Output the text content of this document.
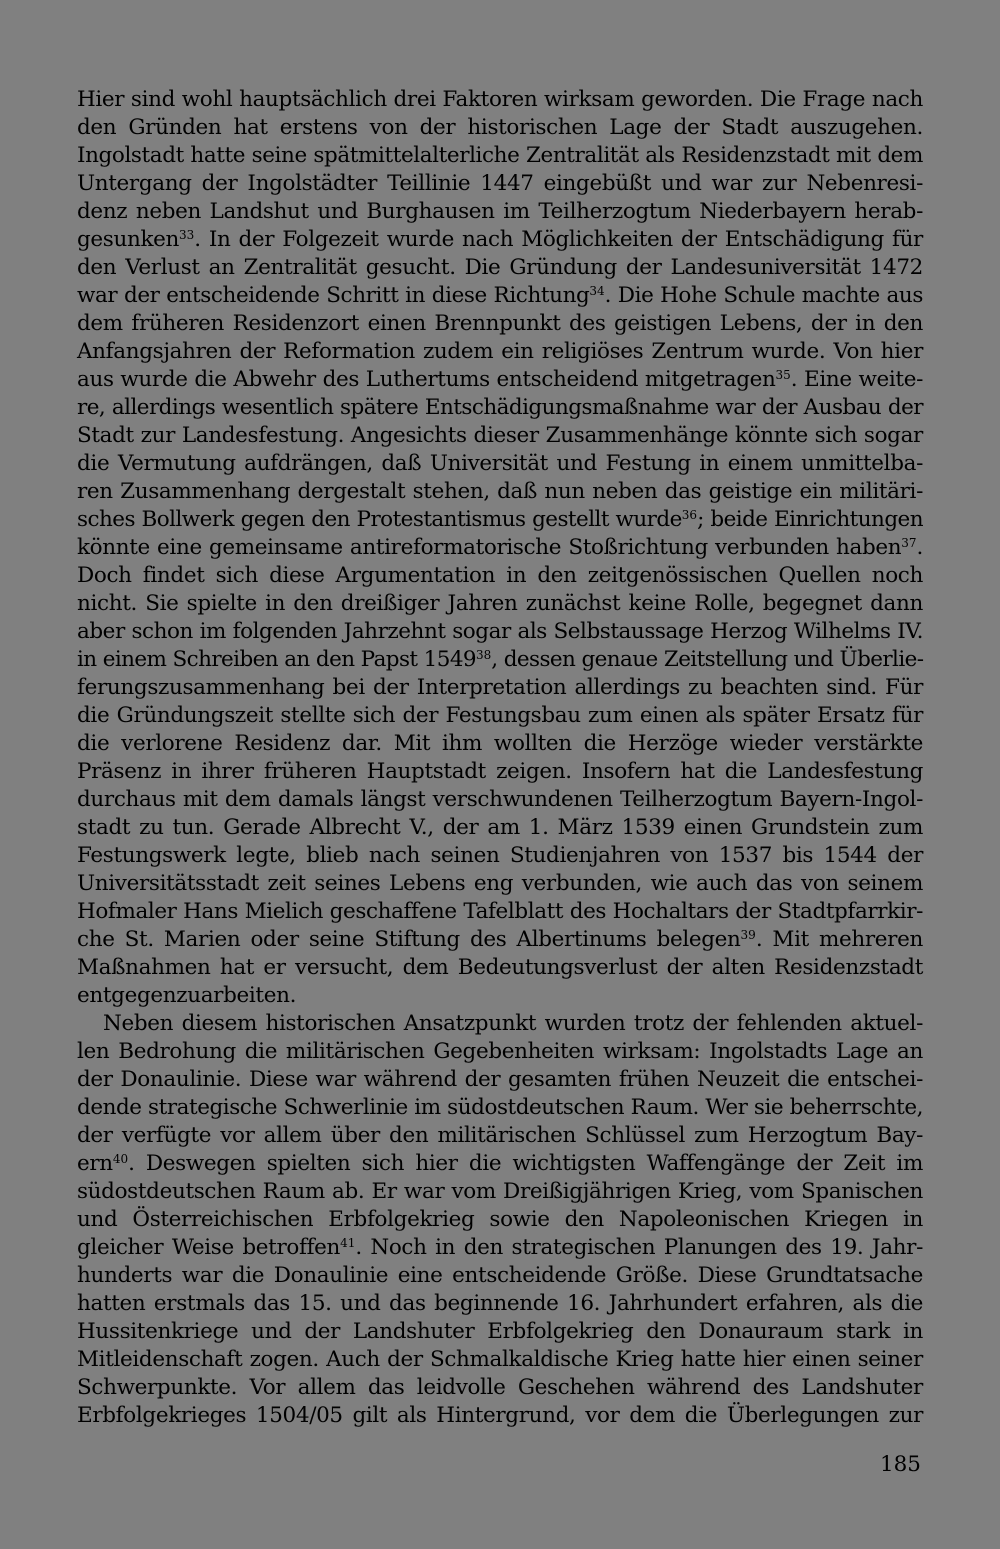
Hier sind wohl hauptsächlich drei Faktoren wirksam geworden. Die Frage nach
den Gründen hat erstens von der historischen Lage der Stadt auszugehen.
Ingolstadt hatte seine spätmittelalterliche Zentralität als Residenzstadt mit dem
Untergang der Ingolstädter Teillinie 1447 eingebüßt und war zur Nebenresi-
denz neben Landshut und Burghausen im Teilherzogtum Niederbayern herab-
gesunken$^{33}$. In der Folgezeit wurde nach Möglichkeiten der Entschädigung für
den Verlust an Zentralität gesucht. Die Gründung der Landesuniversität 1472
war der entscheidende Schritt in diese Richtung$^{34}$. Die Hohe Schule machte aus
dem früheren Residenzort einen Brennpunkt des geistigen Lebens, der in den
Anfangsjahren der Reformation zudem ein religiöses Zentrum wurde. Von hier
aus wurde die Abwehr des Luthertums entscheidend mitgetragen$^{35}$. Eine weite-
re, allerdings wesentlich spätere Entschädigungsmaßnahme war der Ausbau der
Stadt zur Landesfestung. Angesichts dieser Zusammenhänge könnte sich sogar
die Vermutung aufdrängen, daß Universität und Festung in einem unmittelba-
ren Zusammenhang dergestalt stehen, daß nun neben das geistige ein militäri-
sches Bollwerk gegen den Protestantismus gestellt wurde$^{36}$; beide Einrichtungen
könnte eine gemeinsame antireformatorische Stoßrichtung verbunden haben$^{37}$.
Doch findet sich diese Argumentation in den zeitgenössischen Quellen noch
nicht. Sie spielte in den dreißiger Jahren zunächst keine Rolle, begegnet dann
aber schon im folgenden Jahrzehnt sogar als Selbstaussage Herzog Wilhelms IV.
in einem Schreiben an den Papst 1549$^{38}$, dessen genaue Zeitstellung und Überlie-
ferungszusammenhang bei der Interpretation allerdings zu beachten sind. Für
die Gründungszeit stellte sich der Festungsbau zum einen als später Ersatz für
die verlorene Residenz dar. Mit ihm wollten die Herzöge wieder verstärkte
Präsenz in ihrer früheren Hauptstadt zeigen. Insofern hat die Landesfestung
durchaus mit dem damals längst verschwundenen Teilherzogtum Bayern-Ingol-
stadt zu tun. Gerade Albrecht V., der am 1. März 1539 einen Grundstein zum
Festungswerk legte, blieb nach seinen Studienjahren von 1537 bis 1544 der
Universitätsstadt zeit seines Lebens eng verbunden, wie auch das von seinem
Hofmaler Hans Mielich geschaffene Tafelblatt des Hochaltars der Stadtpfarrkir-
che St. Marien oder seine Stiftung des Albertinums belegen$^{39}$. Mit mehreren
Maßnahmen hat er versucht, dem Bedeutungsverlust der alten Residenzstadt
entgegenzuarbeiten.
Neben diesem historischen Ansatzpunkt wurden trotz der fehlenden aktuel-
len Bedrohung die militärischen Gegebenheiten wirksam: Ingolstadts Lage an
der Donaulinie. Diese war während der gesamten frühen Neuzeit die entschei-
dende strategische Schwerlinie im südostdeutschen Raum. Wer sie beherrschte,
der verfügte vor allem über den militärischen Schlüssel zum Herzogtum Bay-
ern$^{40}$. Deswegen spielten sich hier die wichtigsten Waffengänge der Zeit im
südostdeutschen Raum ab. Er war vom Dreißigjährigen Krieg, vom Spanischen
und Österreichischen Erbfolgekrieg sowie den Napoleonischen Kriegen in
gleicher Weise betroffen$^{41}$. Noch in den strategischen Planungen des 19. Jahr-
hunderts war die Donaulinie eine entscheidende Größe. Diese Grundtatsache
hatten erstmals das 15. und das beginnende 16. Jahrhundert erfahren, als die
Hussitenkriege und der Landshuter Erbfolgekrieg den Donauraum stark in
Mitleidenschaft zogen. Auch der Schmalkaldische Krieg hatte hier einen seiner
Schwerpunkte. Vor allem das leidvolle Geschehen während des Landshuter
Erbfolgekrieges 1504/05 gilt als Hintergrund, vor dem die Überlegungen zur
185
